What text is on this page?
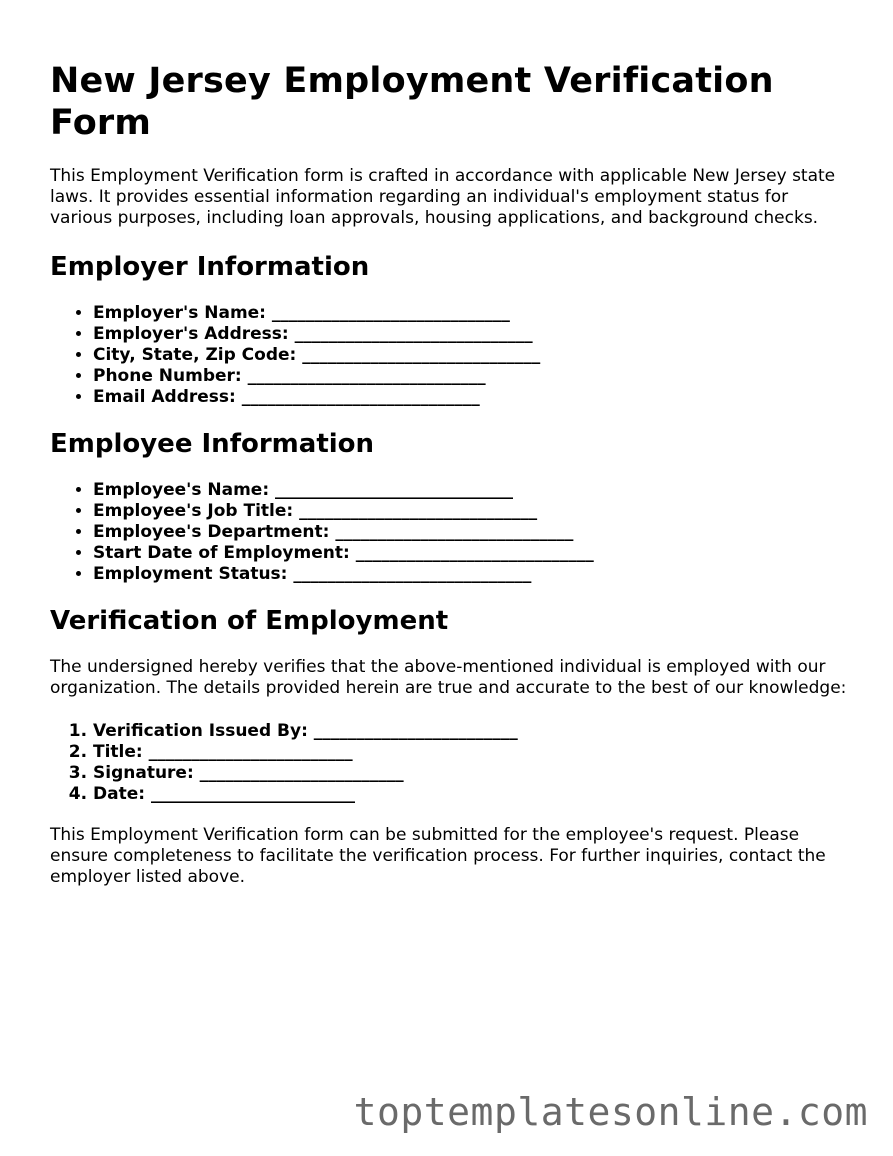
New Jersey Employment Verification Form

This Employment Verification form is crafted in accordance with applicable New Jersey state laws. It provides essential information regarding an individual's employment status for various purposes, including loan approvals, housing applications, and background checks.

Employer Information
• Employer's Name: ____________________________
• Employer's Address: ____________________________
• City, State, Zip Code: ____________________________
• Phone Number: ____________________________
• Email Address: ____________________________
Employee Information
• Employee's Name: ____________________________
• Employee's Job Title: ____________________________
• Employee's Department: ____________________________
• Start Date of Employment: ____________________________
• Employment Status: ____________________________
Verification of Employment

The undersigned hereby verifies that the above-mentioned individual is employed with our organization. The details provided herein are true and accurate to the best of our knowledge:

1. Verification Issued By: ________________________
2. Title: ________________________
3. Signature: ________________________
4. Date: ________________________

This Employment Verification form can be submitted for the employee's request. Please ensure completeness to facilitate the verification process. For further inquiries, contact the employer listed above.

toptemplatesonline.com
